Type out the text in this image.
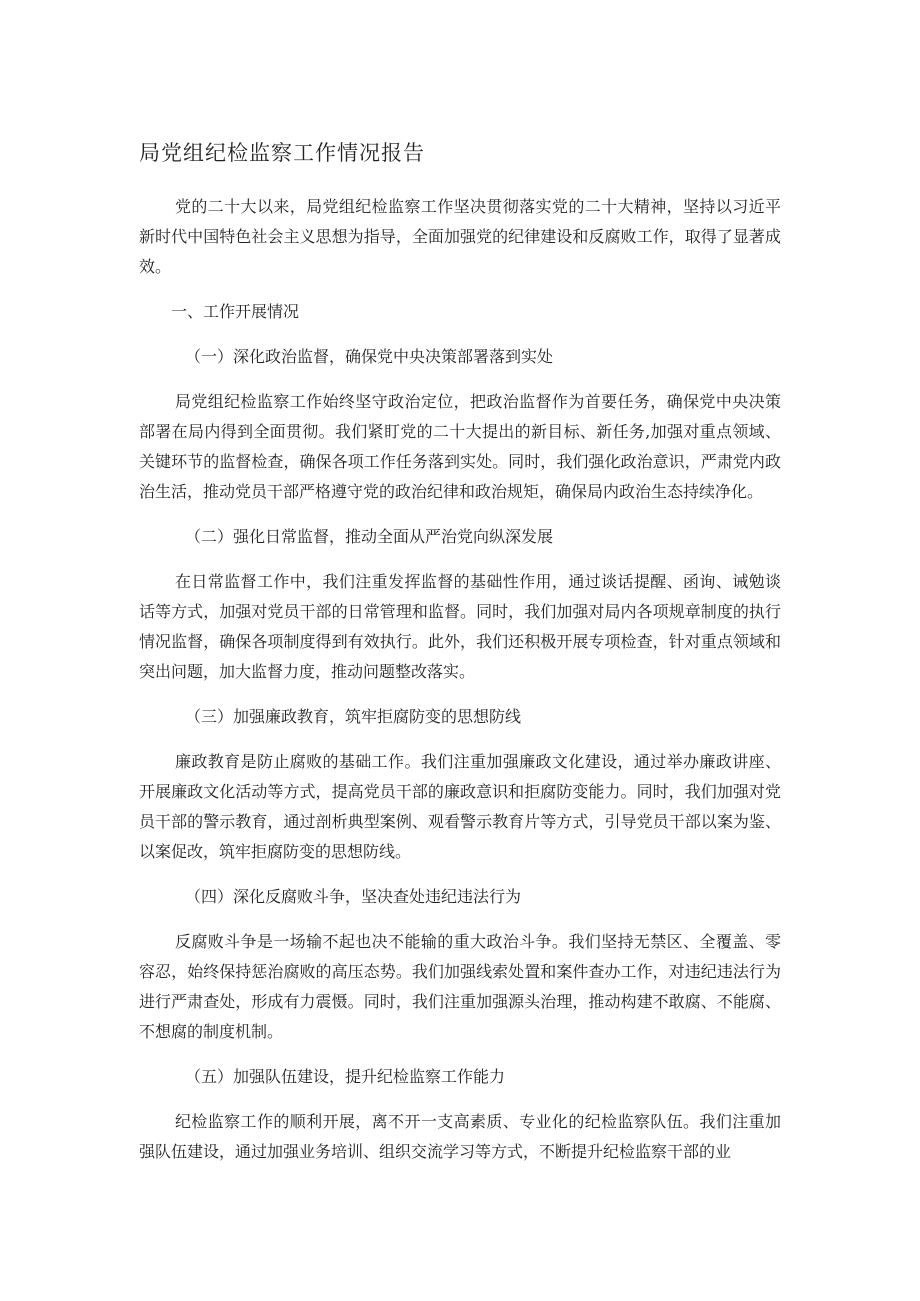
局党组纪检监察工作情况报告

党的二十大以来，局党组纪检监察工作坚决贯彻落实党的二十大精神，坚持以习近平新时代中国特色社会主义思想为指导，全面加强党的纪律建设和反腐败工作，取得了显著成效。

一、工作开展情况

（一）深化政治监督，确保党中央决策部署落到实处

局党组纪检监察工作始终坚守政治定位，把政治监督作为首要任务，确保党中央决策部署在局内得到全面贯彻。我们紧盯党的二十大提出的新目标、新任务,加强对重点领域、关键环节的监督检查，确保各项工作任务落到实处。同时，我们强化政治意识，严肃党内政治生活，推动党员干部严格遵守党的政治纪律和政治规矩，确保局内政治生态持续净化。

（二）强化日常监督，推动全面从严治党向纵深发展

在日常监督工作中，我们注重发挥监督的基础性作用，通过谈话提醒、函询、诫勉谈话等方式，加强对党员干部的日常管理和监督。同时，我们加强对局内各项规章制度的执行情况监督，确保各项制度得到有效执行。此外，我们还积极开展专项检查，针对重点领域和突出问题，加大监督力度，推动问题整改落实。

（三）加强廉政教育，筑牢拒腐防变的思想防线

廉政教育是防止腐败的基础工作。我们注重加强廉政文化建设，通过举办廉政讲座、开展廉政文化活动等方式，提高党员干部的廉政意识和拒腐防变能力。同时，我们加强对党员干部的警示教育，通过剖析典型案例、观看警示教育片等方式，引导党员干部以案为鉴、以案促改，筑牢拒腐防变的思想防线。

（四）深化反腐败斗争，坚决查处违纪违法行为

反腐败斗争是一场输不起也决不能输的重大政治斗争。我们坚持无禁区、全覆盖、零容忍，始终保持惩治腐败的高压态势。我们加强线索处置和案件查办工作，对违纪违法行为进行严肃查处，形成有力震慑。同时，我们注重加强源头治理，推动构建不敢腐、不能腐、不想腐的制度机制。

（五）加强队伍建设，提升纪检监察工作能力

纪检监察工作的顺利开展，离不开一支高素质、专业化的纪检监察队伍。我们注重加强队伍建设，通过加强业务培训、组织交流学习等方式，不断提升纪检监察干部的业
